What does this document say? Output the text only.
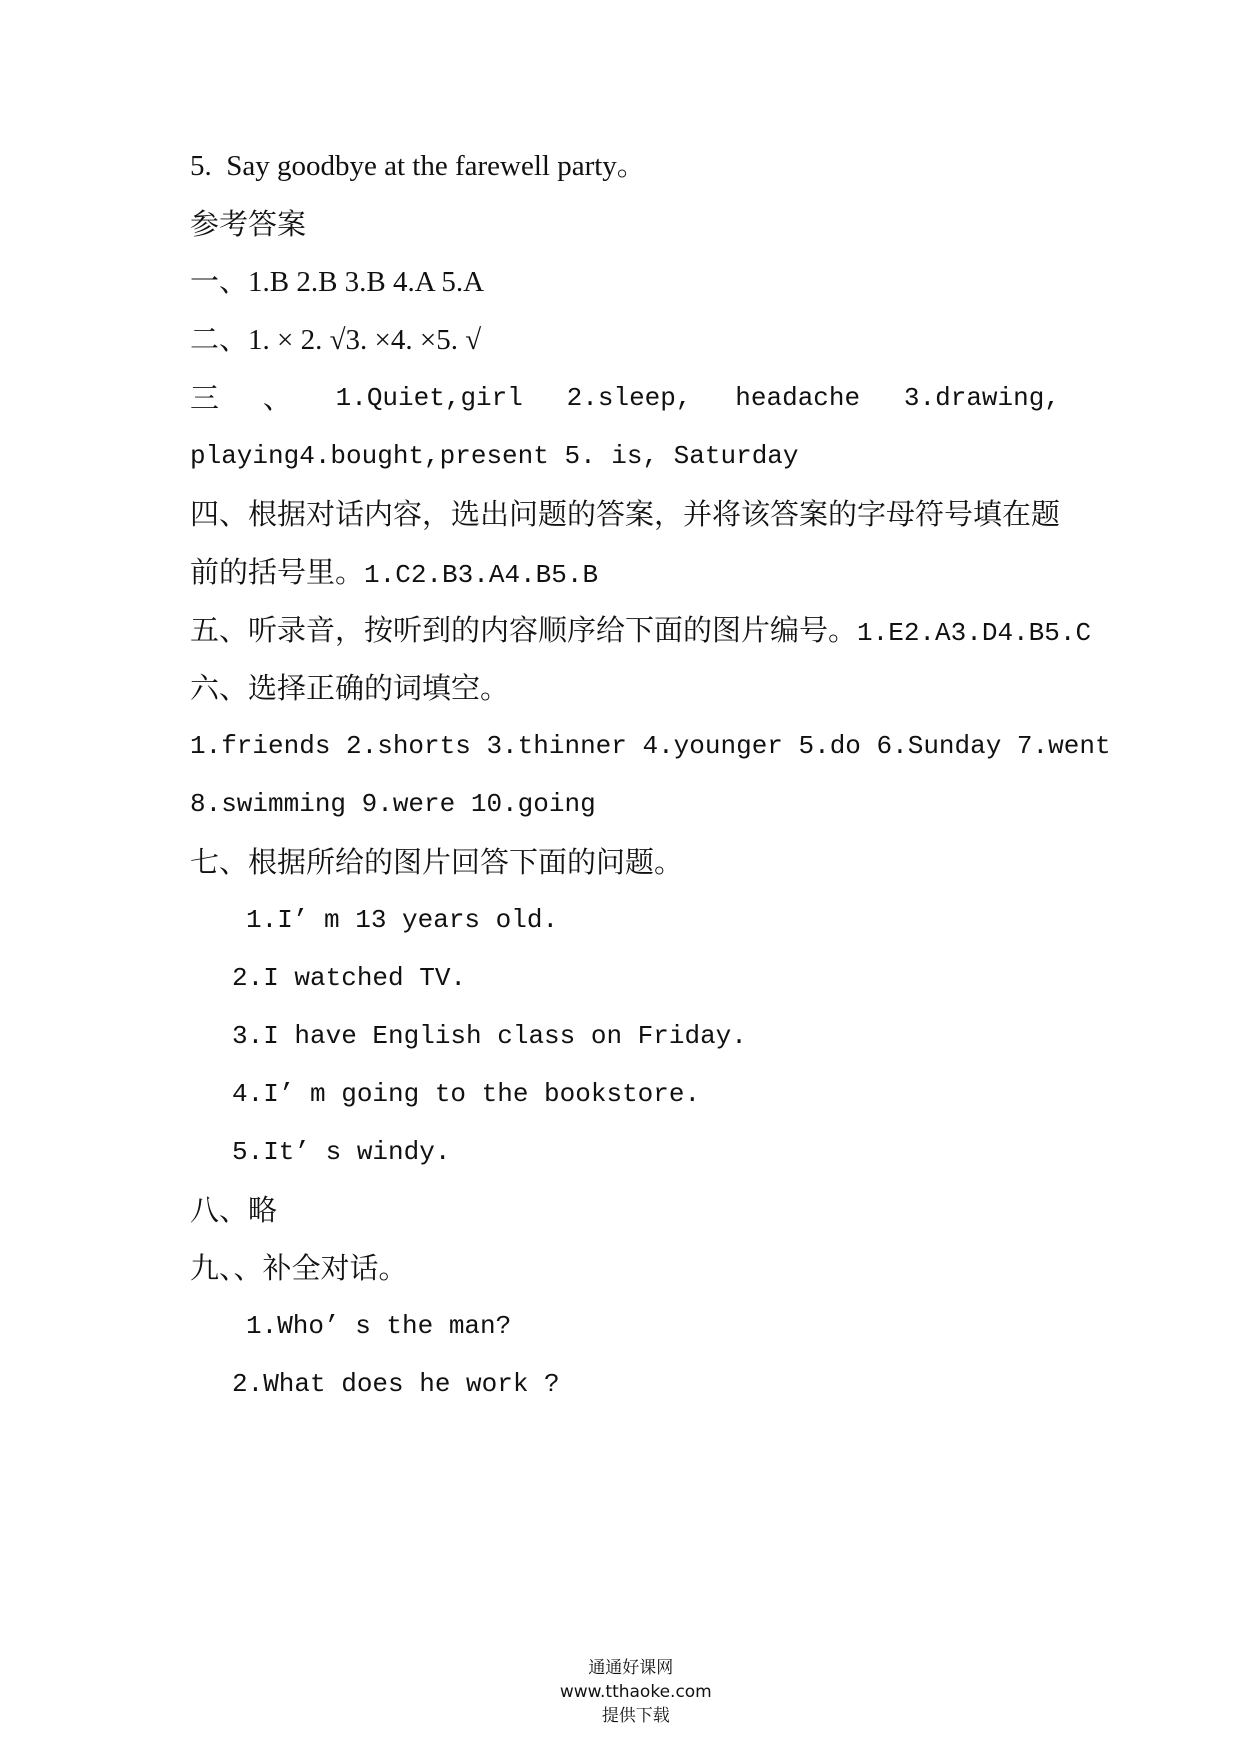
5.  Say goodbye at the farewell party。
参考答案
一、1.B 2.B 3.B 4.A 5.A
二、1. × 2. √3. ×4. ×5. √
三 、 1.Quiet,girl 2.sleep, headache 3.drawing,
playing4.bought,present 5. is, Saturday
四、根据对话内容，选出问题的答案，并将该答案的字母符号填在题
前的括号里。1.C2.B3.A4.B5.B
五、听录音，按听到的内容顺序给下面的图片编号。1.E2.A3.D4.B5.C
六、选择正确的词填空。
1.friends 2.shorts 3.thinner 4.younger 5.do 6.Sunday 7.went
8.swimming 9.were 10.going
七、根据所给的图片回答下面的问题。
1.I’ m 13 years old.
2.I watched TV.
3.I have English class on Friday.
4.I’ m going to the bookstore.
5.It’ s windy.
八、略
九、、补全对话。
1.Who’ s the man?
2.What does he work ?

通通好课网
www.tthaoke.com
提供下载
